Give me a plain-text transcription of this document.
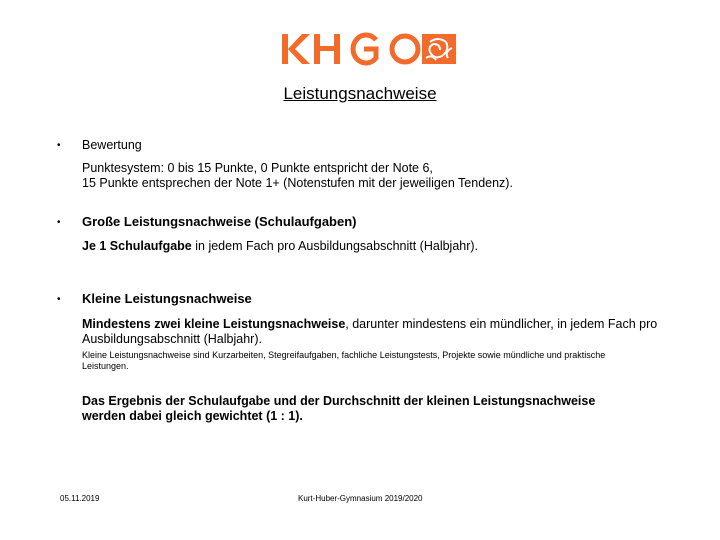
Leistungsnachweise
• Bewertung
Punktesystem: 0 bis 15 Punkte, 0 Punkte entspricht der Note 6,
15 Punkte entsprechen der Note 1+ (Notenstufen mit der jeweiligen Tendenz).
• Große Leistungsnachweise (Schulaufgaben)
Je 1 Schulaufgabe in jedem Fach pro Ausbildungsabschnitt (Halbjahr).
• Kleine Leistungsnachweise
Mindestens zwei kleine Leistungsnachweise, darunter mindestens ein mündlicher, in jedem Fach pro Ausbildungsabschnitt (Halbjahr).
Kleine Leistungsnachweise sind Kurzarbeiten, Stegreifaufgaben, fachliche Leistungstests, Projekte sowie mündliche und praktische Leistungen.
Das Ergebnis der Schulaufgabe und der Durchschnitt der kleinen Leistungsnachweise werden dabei gleich gewichtet (1 : 1).
05.11.2019	Kurt-Huber-Gymnasium 2019/2020
